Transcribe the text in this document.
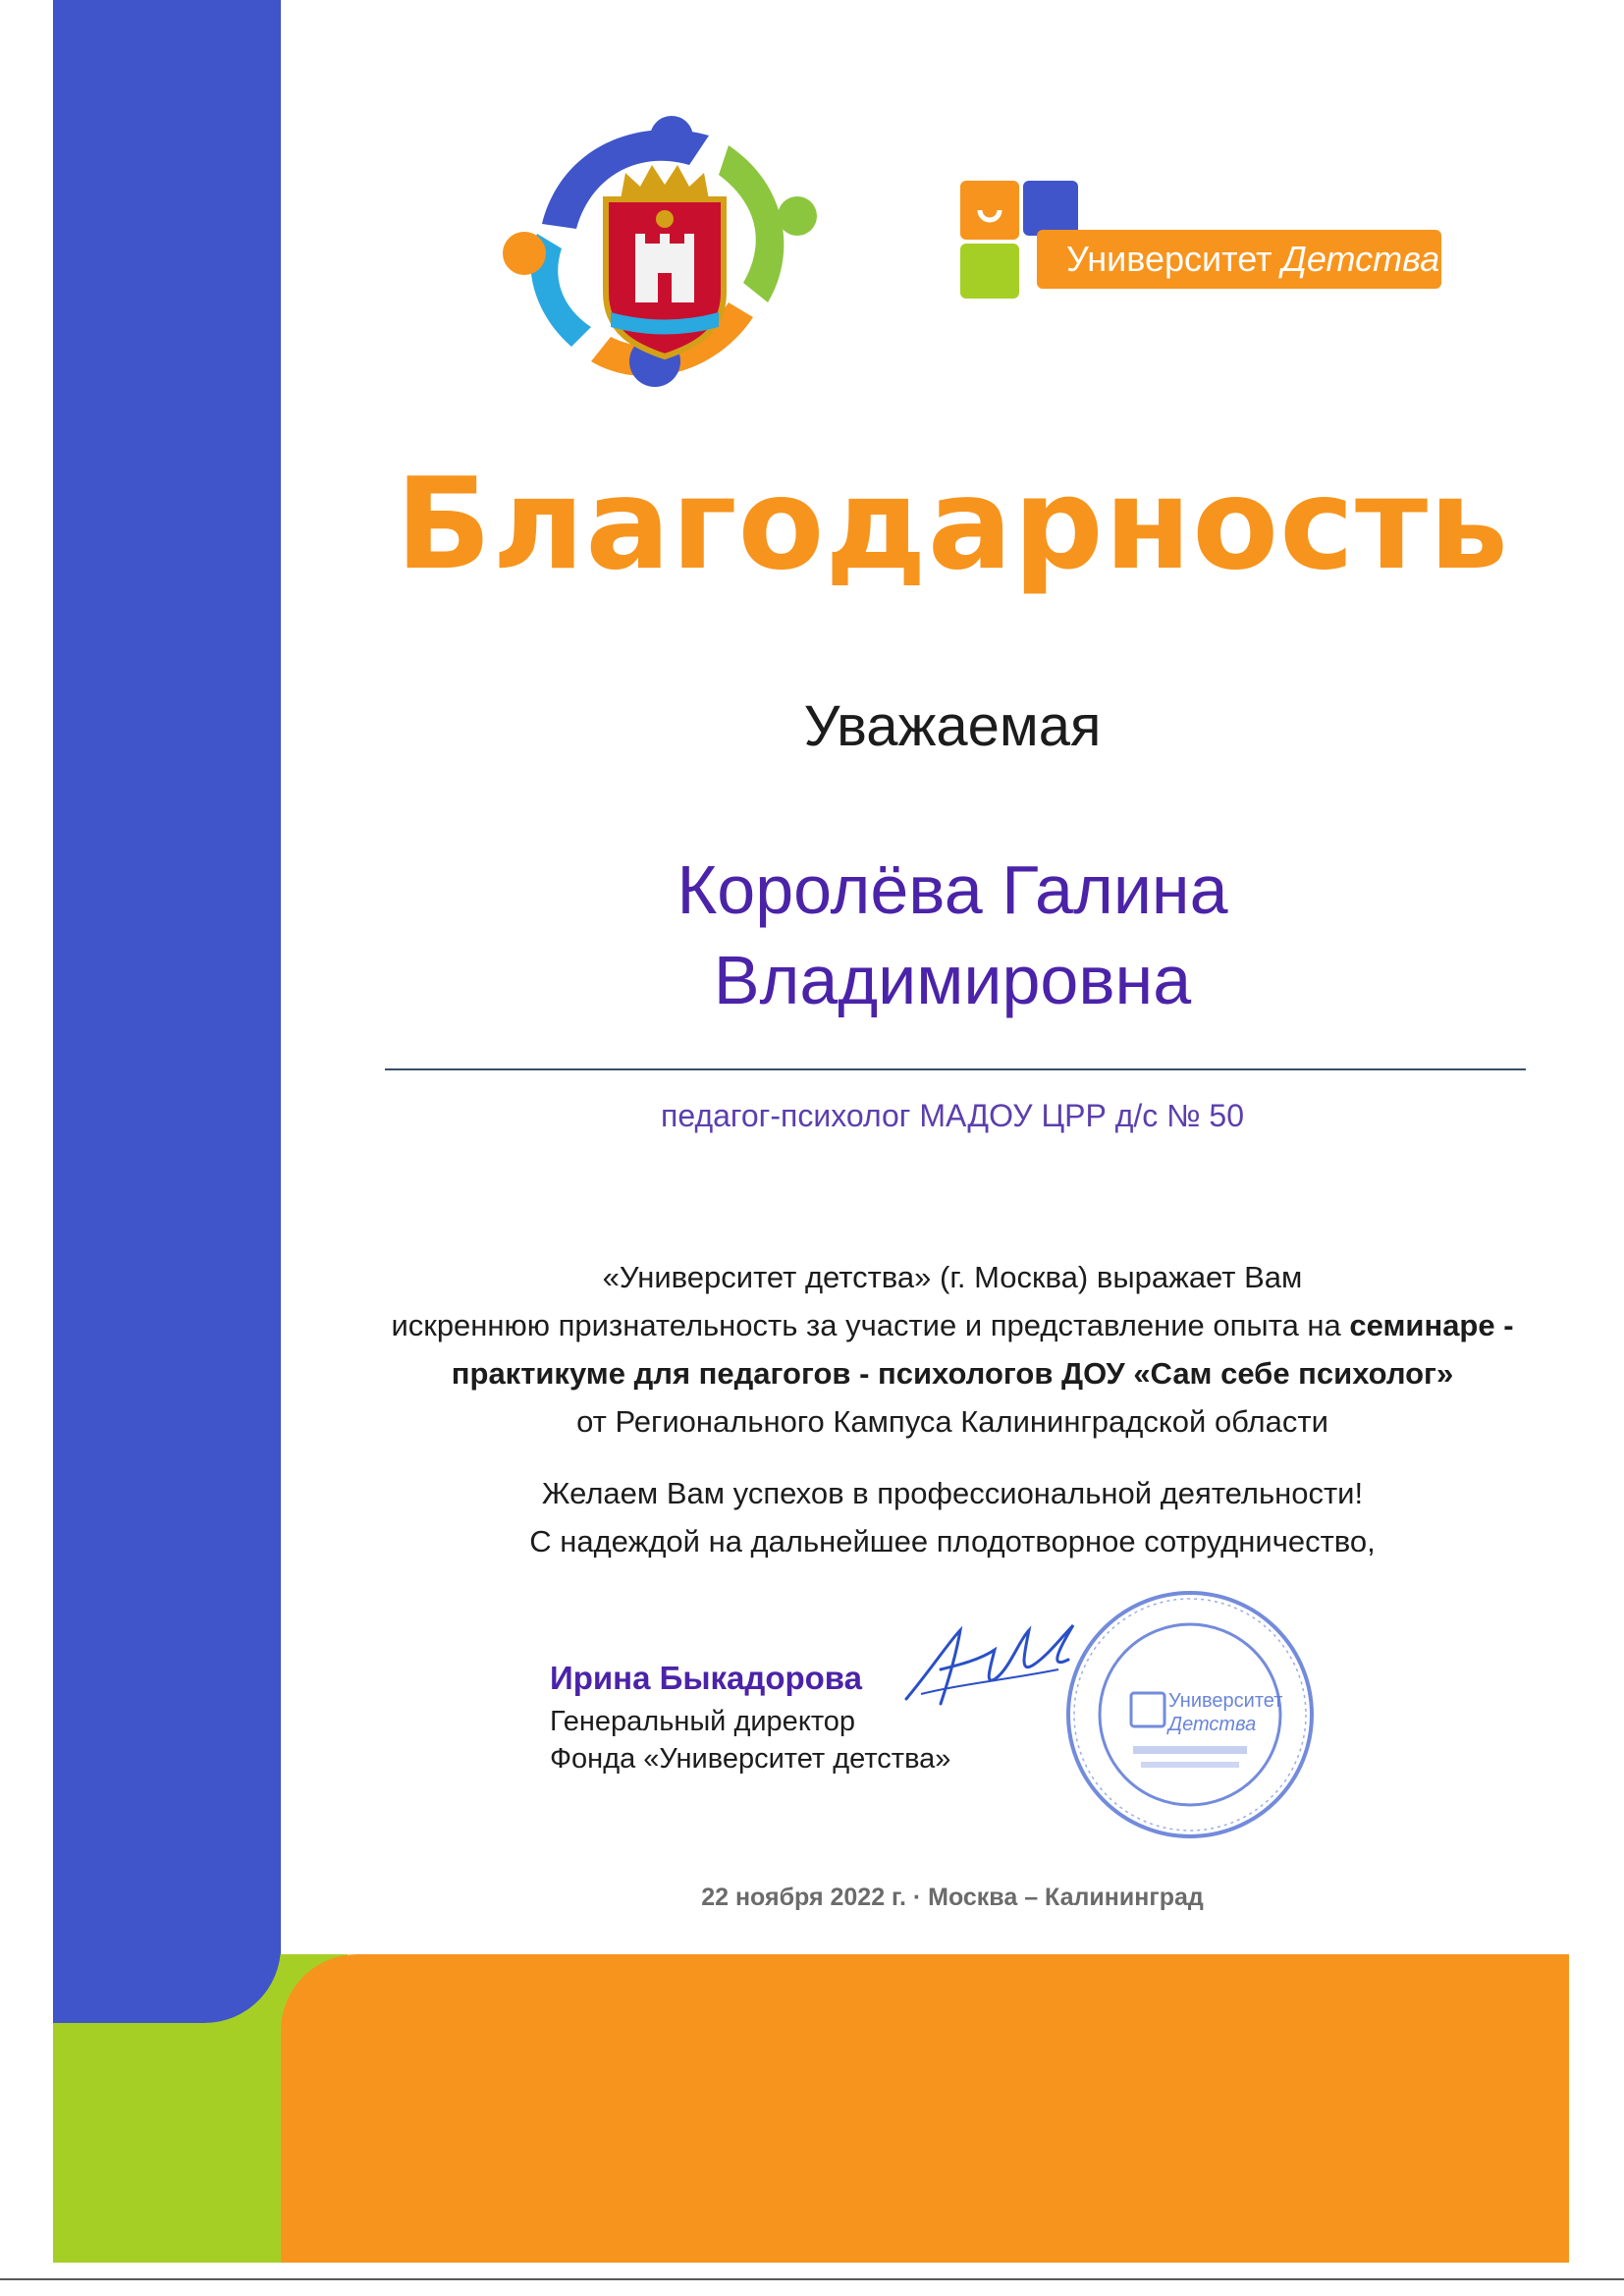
Университет Детства
Благодарность
Уважаемая
Королёва Галина
Владимировна
педагог-психолог МАДОУ ЦРР д/с № 50
«Университет детства» (г. Москва) выражает Вам
искреннюю признательность за участие и представление опыта на семинаре -
практикуме для педагогов - психологов ДОУ «Сам себе психолог»
от Регионального Кампуса Калининградской области
Желаем Вам успехов в профессиональной деятельности!
С надеждой на дальнейшее плодотворное сотрудничество,
Ирина Быкадорова
Генеральный директор
Фонда «Университет детства»
Университет
Детства
22 ноября 2022 г. · Москва – Калининград
